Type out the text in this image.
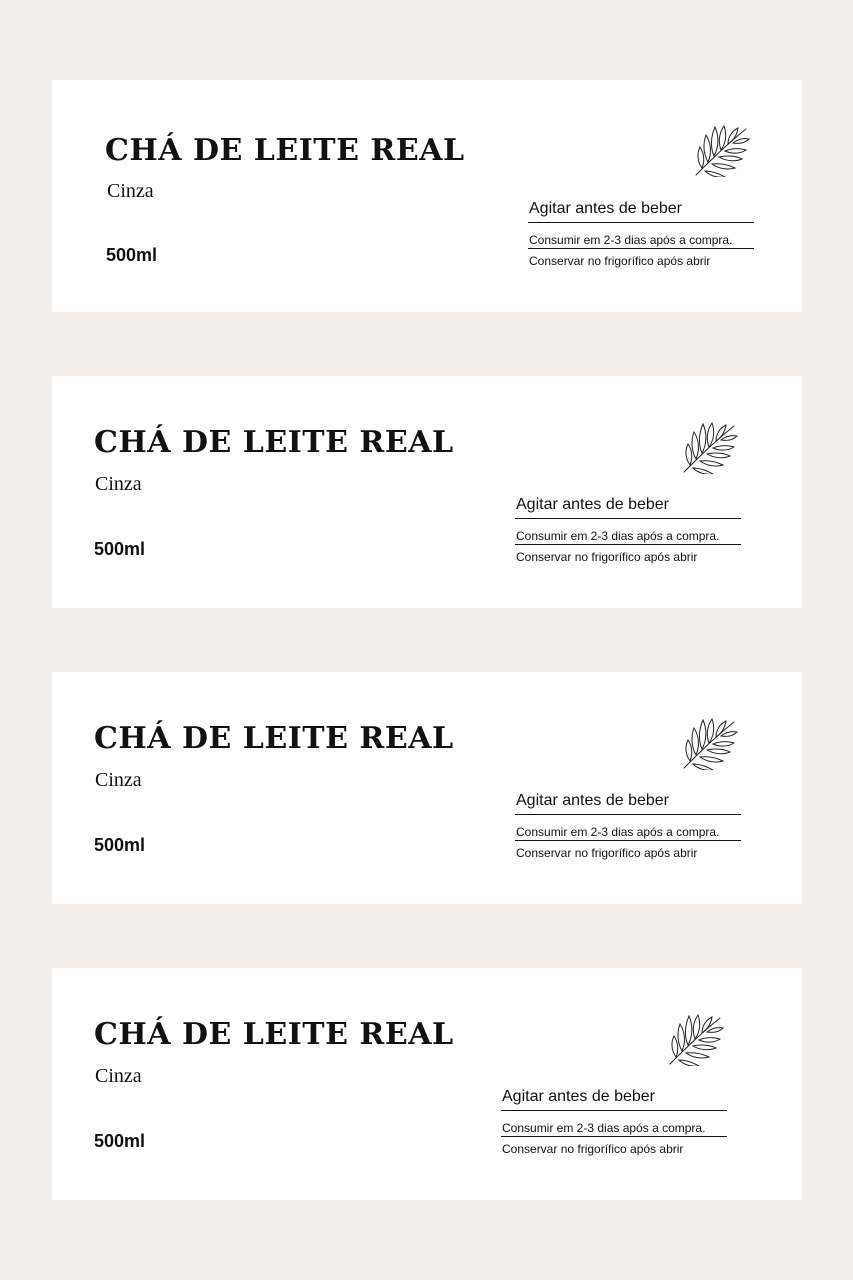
CHÁ DE LEITE REAL
Cinza
500ml
Agitar antes de beber
Consumir em 2-3 dias após a compra.
Conservar no frigorífico após abrir
CHÁ DE LEITE REAL
Cinza
500ml
Agitar antes de beber
Consumir em 2-3 dias após a compra.
Conservar no frigorífico após abrir
CHÁ DE LEITE REAL
Cinza
500ml
Agitar antes de beber
Consumir em 2-3 dias após a compra.
Conservar no frigorífico após abrir
CHÁ DE LEITE REAL
Cinza
500ml
Agitar antes de beber
Consumir em 2-3 dias após a compra.
Conservar no frigorífico após abrir
